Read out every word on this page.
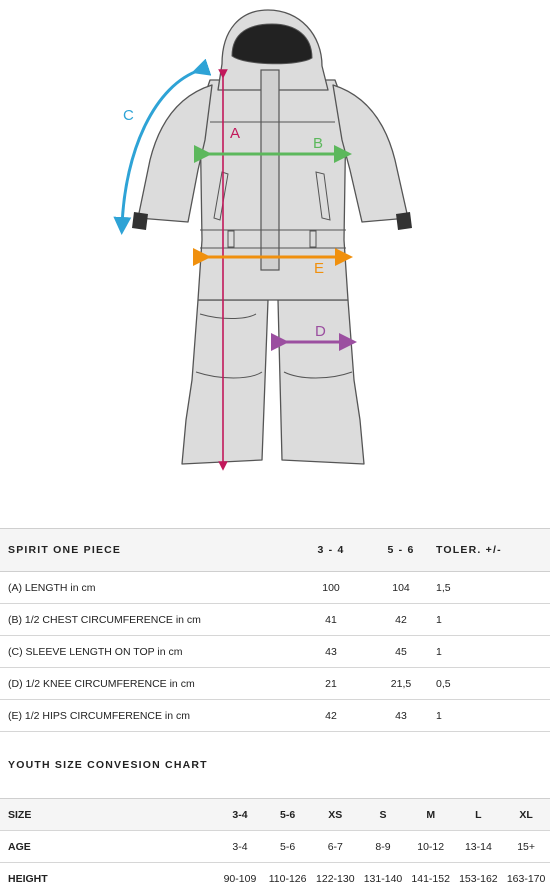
A
B
C
D
E
SPIRIT ONE PIECE	3 - 4	5 - 6	TOLER. +/-
(A) LENGTH in cm	100	104	1,5
(B) 1/2 CHEST CIRCUMFERENCE in cm	41	42	1
(C) SLEEVE LENGTH ON TOP in cm	43	45	1
(D) 1/2 KNEE CIRCUMFERENCE in cm	21	21,5	0,5
(E) 1/2 HIPS CIRCUMFERENCE in cm	42	43	1
YOUTH SIZE CONVESION CHART
SIZE	3-4	5-6	XS	S	M	L	XL
AGE	3-4	5-6	6-7	8-9	10-12	13-14	15+
HEIGHT	90-109	110-126	122-130	131-140	141-152	153-162	163-170
